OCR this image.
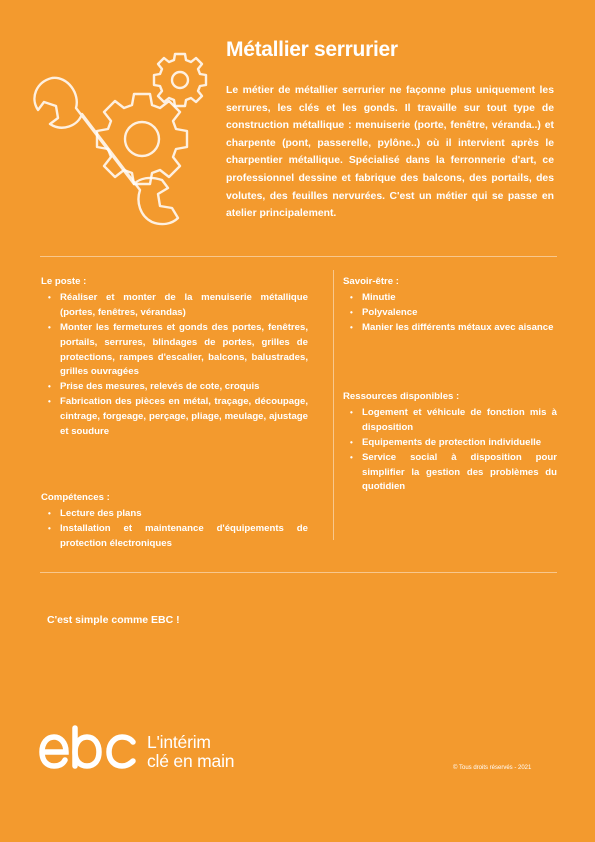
Métallier serrurier

Le métier de métallier serrurier ne façonne plus uniquement les serrures, les clés et les gonds. Il travaille sur tout type de construction métallique : menuiserie (porte, fenêtre, véranda..) et charpente (pont, passerelle, pylône..) où il intervient après le charpentier métallique. Spécialisé dans la ferronnerie d'art, ce professionnel dessine et fabrique des balcons, des portails, des volutes, des feuilles nervurées. C'est un métier qui se passe en atelier principalement.

Le poste :
• Réaliser et monter de la menuiserie métallique (portes, fenêtres, vérandas)
• Monter les fermetures et gonds des portes, fenêtres, portails, serrures, blindages de portes, grilles de protections, rampes d'escalier, balcons, balustrades, grilles ouvragées
• Prise des mesures, relevés de cote, croquis
• Fabrication des pièces en métal, traçage, découpage, cintrage, forgeage, perçage, pliage, meulage, ajustage et soudure
Compétences :
• Lecture des plans
• Installation et maintenance d'équipements de protection électroniques
Savoir-être :
• Minutie
• Polyvalence
• Manier les différents métaux avec aisance
Ressources disponibles :
• Logement et véhicule de fonction mis à disposition
• Equipements de protection individuelle
• Service social à disposition pour simplifier la gestion des problèmes du quotidien
C'est simple comme EBC !
L'intérim
clé en main	© Tous droits réservés - 2021
